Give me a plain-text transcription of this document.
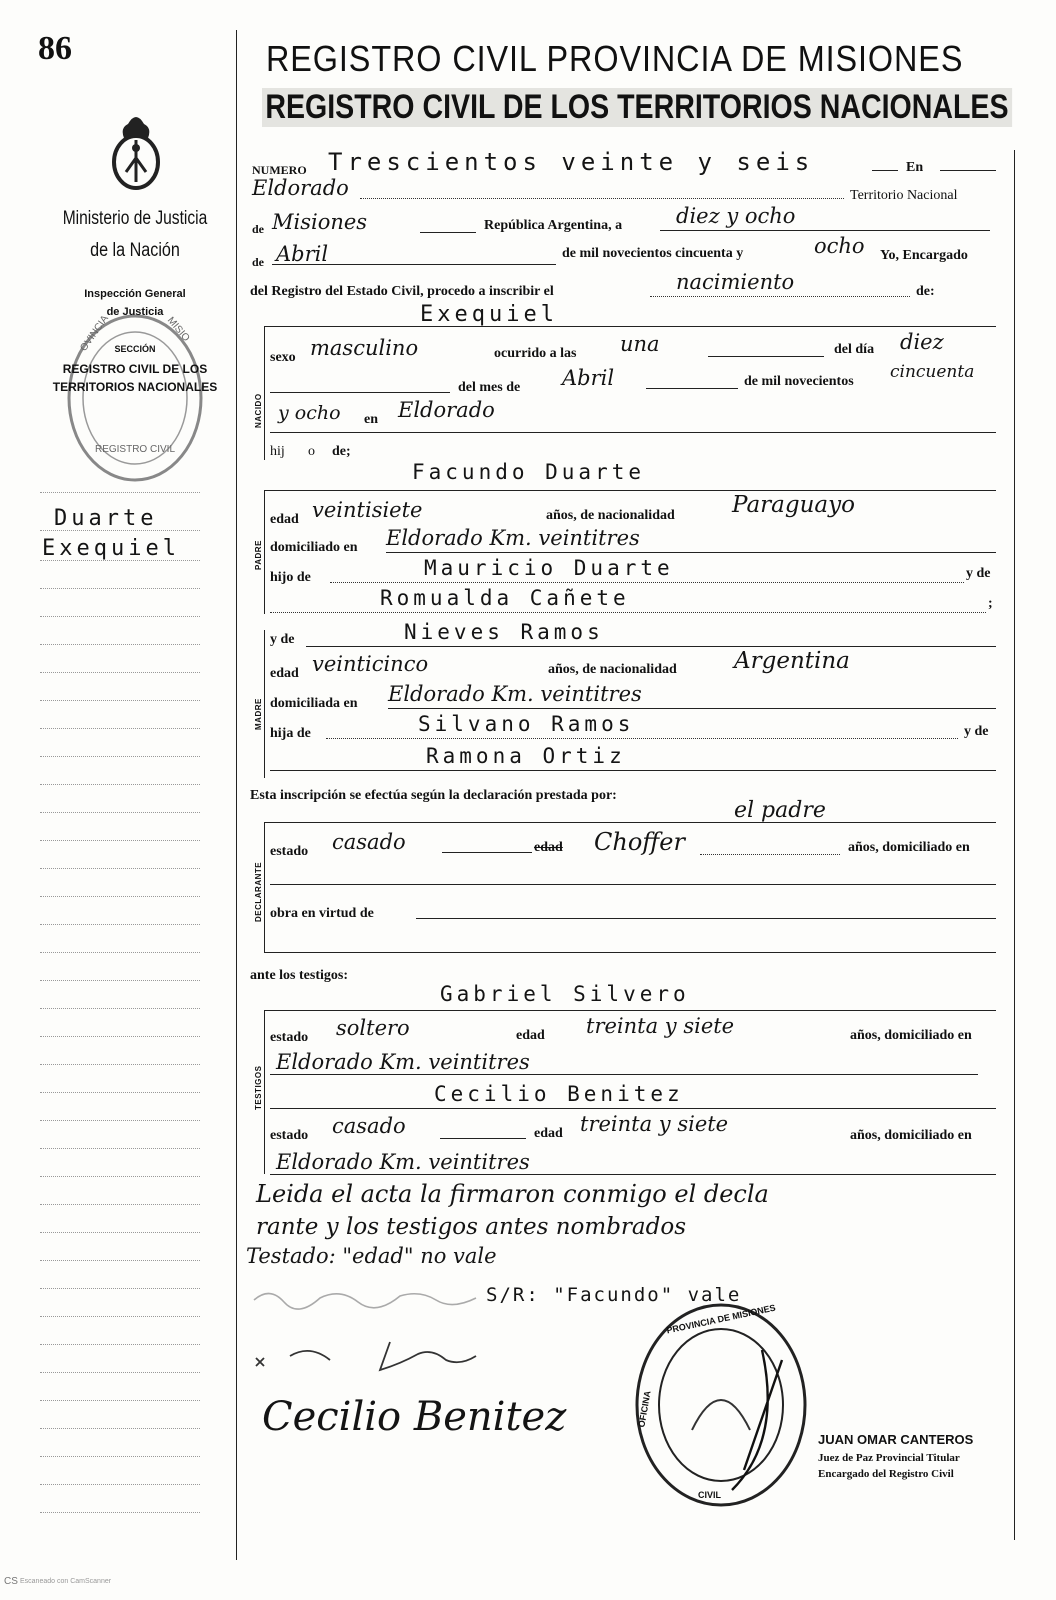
86
Ministerio de Justicia
de la Nación
Inspección General
de Justicia
OVINCIA	MISIO
SECCIÓN
REGISTRO CIVIL DE LOS
TERRITORIOS NACIONALES
REGISTRO CIVIL
Duarte
Exequiel
REGISTRO CIVIL PROVINCIA DE MISIONES
REGISTRO CIVIL DE LOS TERRITORIOS NACIONALES
NUMERO Trescientos veinte y seis	En
Eldorado	Territorio Nacional
de Misiones	República Argentina, a	diez y ocho
de Abril	de mil novecientos cincuenta y	ocho Yo, Encargado
del Registro del Estado Civil, procedo a inscribir el	nacimiento	de:
NACIDO
Exequiel
sexo masculino	ocurrido a las una	del día diez
del mes de Abril	de mil novecientos cincuenta
y ocho en Eldorado
hij o de;
PADRE
Facundo Duarte
edad veintisiete	años, de nacionalidad Paraguayo
domiciliado en Eldorado Km. veintitres
hijo de	Mauricio Duarte	y de
Romualda Cañete	;
MADRE
y de	Nieves Ramos
edad veinticinco	años, de nacionalidad Argentina
domiciliada en Eldorado Km. veintitres
hija de	Silvano Ramos	y de
Ramona Ortiz
Esta inscripción se efectúa según la declaración prestada por:
el padre
DECLARANTE
estado casado	edad Choffer	años, domiciliado en
obra en virtud de
ante los testigos:
Gabriel Silvero
TESTIGOS
estado soltero	edad treinta y siete	años, domiciliado en
Eldorado Km. veintitres
Cecilio Benitez
estado casado	edad treinta y siete	años, domiciliado en
Eldorado Km. veintitres
Leida el acta la firmaron conmigo el decla
rante y los testigos antes nombrados
Testado: "edad" no vale
S/R: "Facundo" vale
Cecilio Benitez
PROVINCIA DE MISIONES
OFICINA
CIVIL
JUAN OMAR CANTEROS
Juez de Paz Provincial Titular
Encargado del Registro Civil
CS Escaneado con CamScanner
